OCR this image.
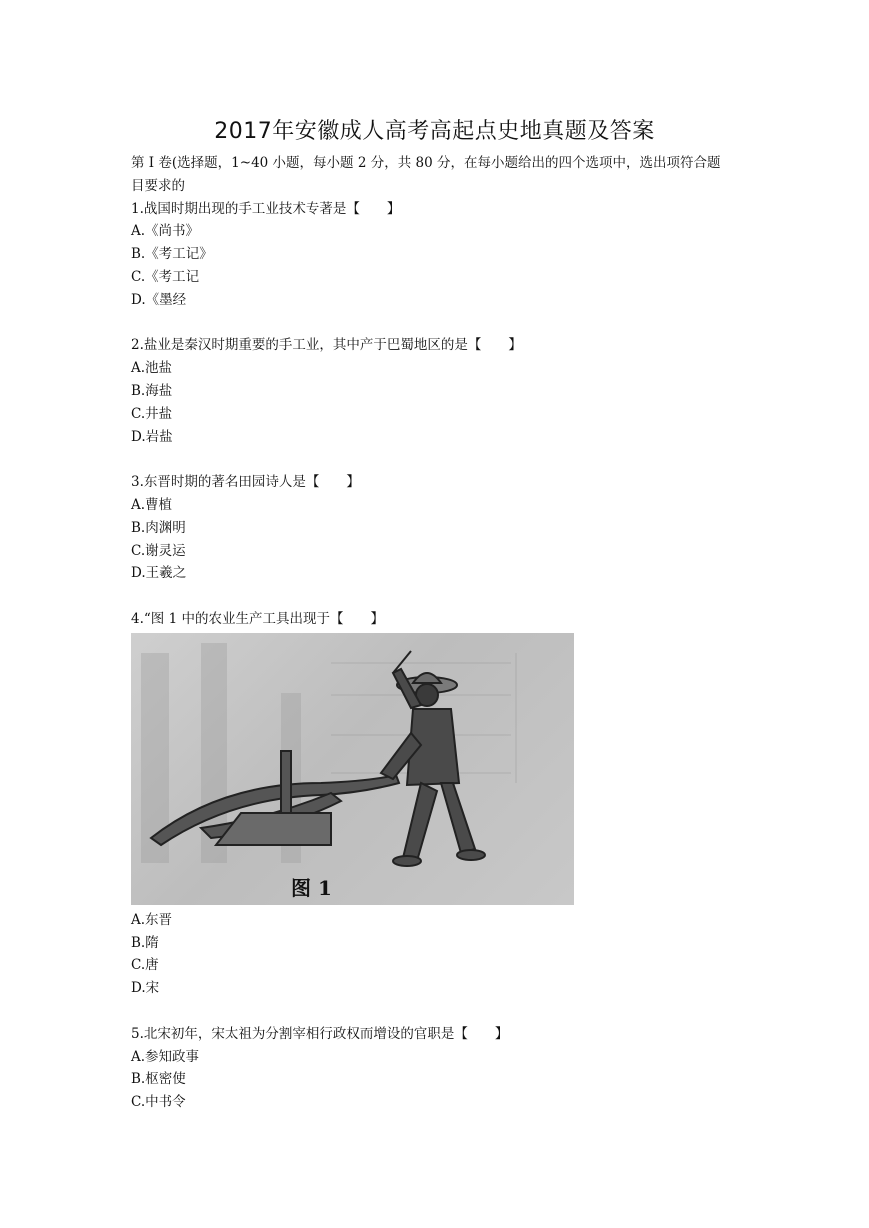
2017年安徽成人高考高起点史地真题及答案

第 I 卷(选择题，1~40 小题，每小题 2 分，共 80 分，在每小题给出的四个选项中，选出项符合题目要求的

1.战国时期出现的手工业技术专著是【　　】

A.《尚书》

B.《考工记》

C.《考工记

D.《墨经

2.盐业是秦汉时期重要的手工业，其中产于巴蜀地区的是【　　】

A.池盐

B.海盐

C.井盐

D.岩盐

3.东晋时期的著名田园诗人是【　　】

A.曹植

B.肉渊明

C.谢灵运

D.王羲之

4.“图 1 中的农业生产工具出现于【　　】

图 1

A.东晋

B.隋

C.唐

D.宋

5.北宋初年，宋太祖为分割宰相行政权而增设的官职是【　　】

A.参知政事

B.枢密使

C.中书令
